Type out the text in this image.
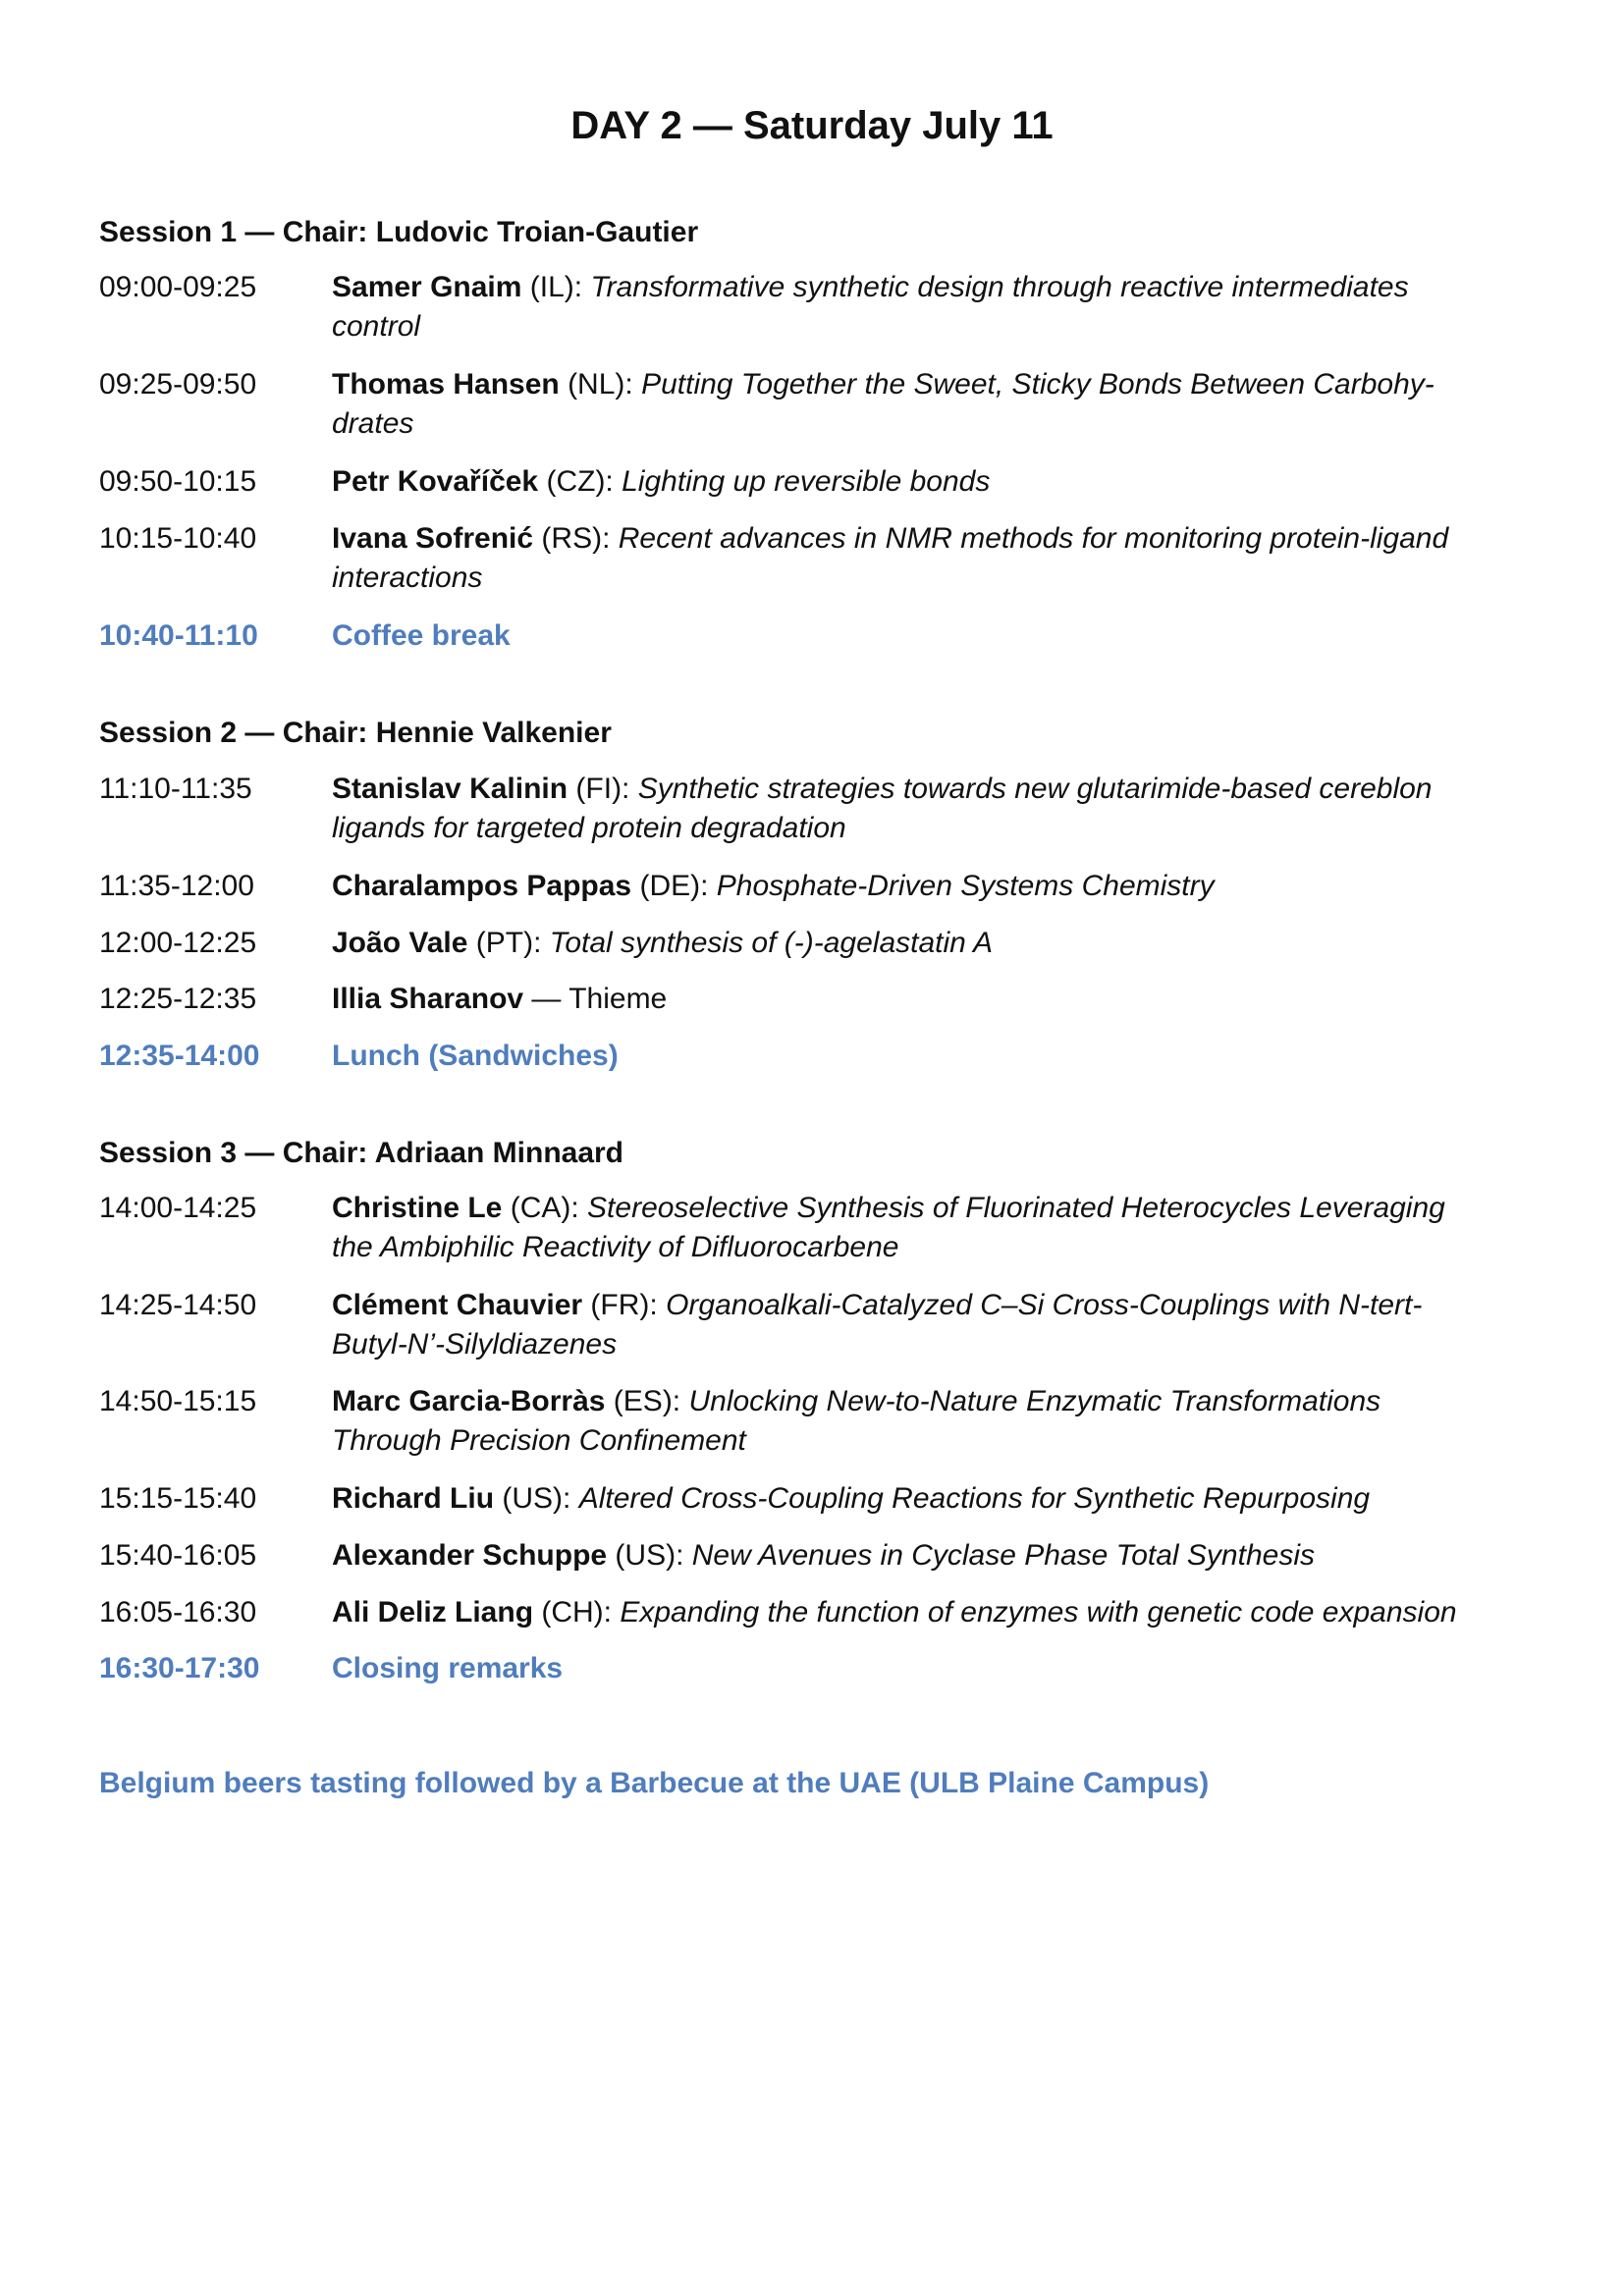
DAY 2 — Saturday July 11
Session 1 — Chair: Ludovic Troian-Gautier
09:00-09:25	Samer Gnaim (IL): Transformative synthetic design through reactive intermediates
control
09:25-09:50	Thomas Hansen (NL): Putting Together the Sweet, Sticky Bonds Between Carbohy-
drates
09:50-10:15	Petr Kovaříček (CZ): Lighting up reversible bonds
10:15-10:40	Ivana Sofrenić (RS): Recent advances in NMR methods for monitoring protein-ligand
interactions
10:40-11:10	Coffee break
Session 2 — Chair: Hennie Valkenier
11:10-11:35	Stanislav Kalinin (FI): Synthetic strategies towards new glutarimide-based cereblon
ligands for targeted protein degradation
11:35-12:00	Charalampos Pappas (DE): Phosphate-Driven Systems Chemistry
12:00-12:25	João Vale (PT): Total synthesis of (-)-agelastatin A
12:25-12:35	Illia Sharanov — Thieme
12:35-14:00	Lunch (Sandwiches)
Session 3 — Chair: Adriaan Minnaard
14:00-14:25	Christine Le (CA): Stereoselective Synthesis of Fluorinated Heterocycles Leveraging
the Ambiphilic Reactivity of Difluorocarbene
14:25-14:50	Clément Chauvier (FR): Organoalkali-Catalyzed C–Si Cross-Couplings with N-tert-
Butyl-N’-Silyldiazenes
14:50-15:15	Marc Garcia-Borràs (ES): Unlocking New-to-Nature Enzymatic Transformations
Through Precision Confinement
15:15-15:40	Richard Liu (US): Altered Cross-Coupling Reactions for Synthetic Repurposing
15:40-16:05	Alexander Schuppe (US): New Avenues in Cyclase Phase Total Synthesis
16:05-16:30	Ali Deliz Liang (CH): Expanding the function of enzymes with genetic code expansion
16:30-17:30	Closing remarks
Belgium beers tasting followed by a Barbecue at the UAE (ULB Plaine Campus)
